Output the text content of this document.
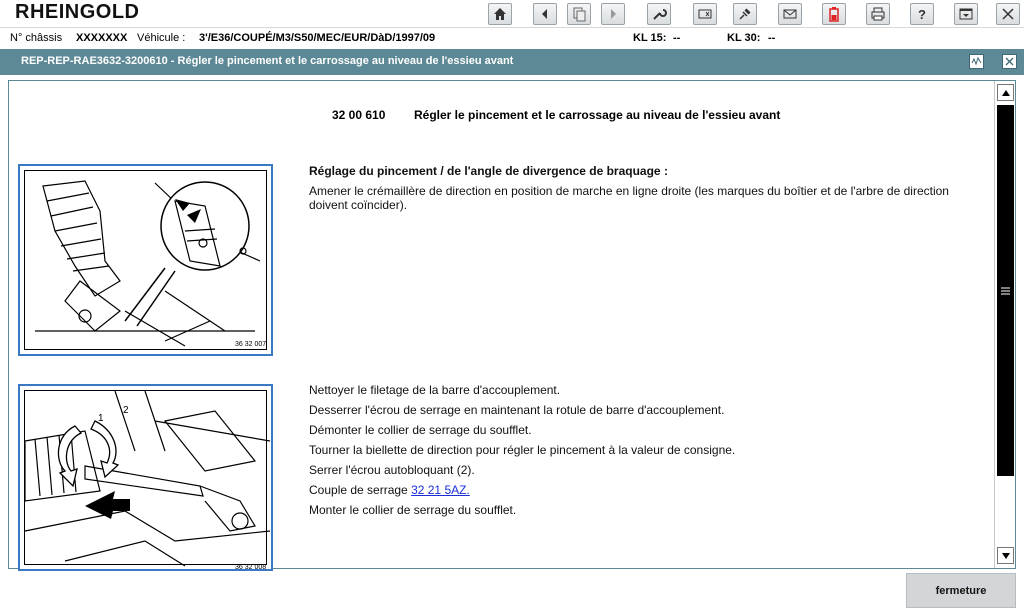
RHEINGOLD	?
N° châssis XXXXXXX Véhicule : 3'/E36/COUPÉ/M3/S50/MEC/EUR/DàD/1997/09	KL 15: --	KL 30: --
REP-REP-RAE3632-3200610 - Régler le pincement et le carrossage au niveau de l'essieu avant
32 00 610 Régler le pincement et le carrossage au niveau de l'essieu avant
36 32 007
Réglage du pincement / de l'angle de divergence de braquage :
Amener le crémaillère de direction en position de marche en ligne droite (les marques du boîtier et de l'arbre de direction doivent coïncider).
1
2
36 32 008

Nettoyer le filetage de la barre d'accouplement.

Desserrer l'écrou de serrage en maintenant la rotule de barre d'accouplement.

Démonter le collier de serrage du soufflet.

Tourner la biellette de direction pour régler le pincement à la valeur de consigne.

Serrer l'écrou autobloquant (2).

Couple de serrage 32 21 5AZ.

Monter le collier de serrage du soufflet.

fermeture
